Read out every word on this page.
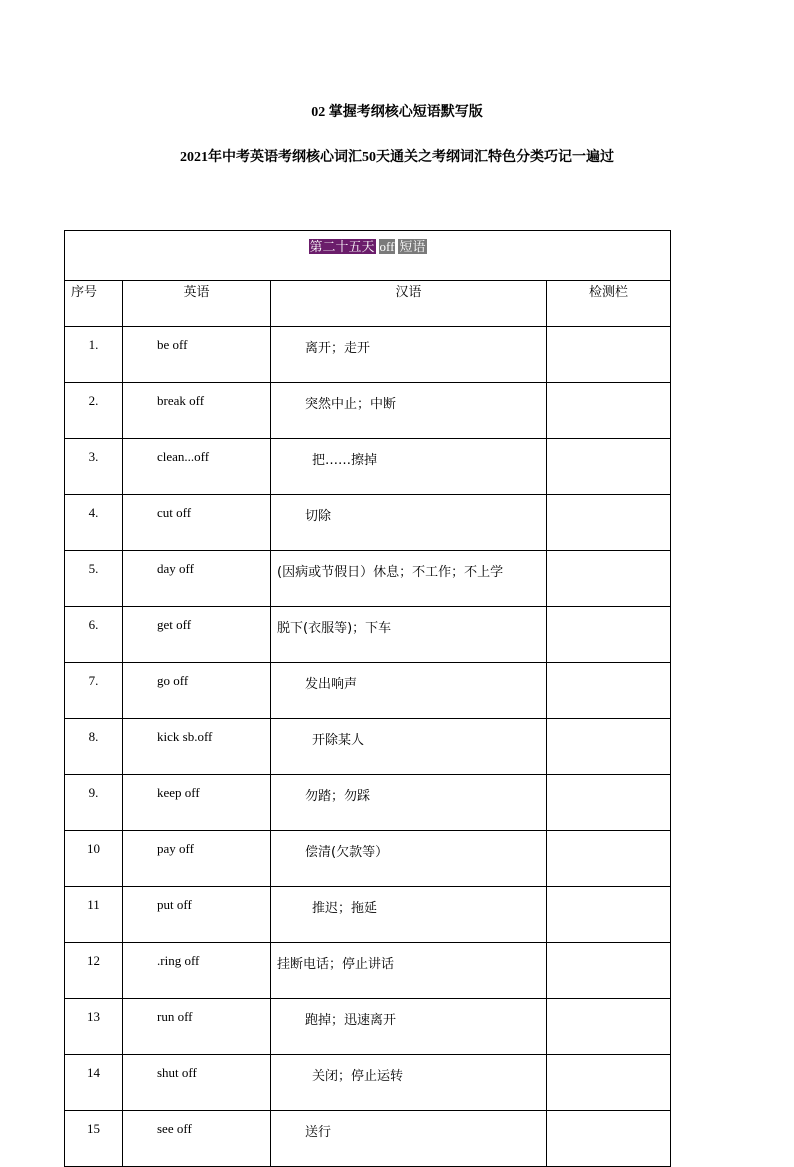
02 掌握考纲核心短语默写版
2021年中考英语考纲核心词汇50天通关之考纲词汇特色分类巧记一遍过
第二十五天 off 短语			
序号	英语	汉语	检测栏
1.	be off	离开；走开	
2.	break off	突然中止；中断	
3.	clean...off	把……擦掉	
4.	cut off	切除	
5.	day off	(因病或节假日）休息；不工作；不上学	
6.	get off	脱下(衣服等)；下车	
7.	go off	发出响声	
8.	kick sb.off	开除某人	
9.	keep off	勿踏；勿踩	
10	pay off	偿清(欠款等）	
11	put off	推迟；拖延	
12	.ring off	挂断电话；停止讲话	
13	run off	跑掉；迅速离开	
14	shut off	关闭；停止运转	
15	see off	送行	
